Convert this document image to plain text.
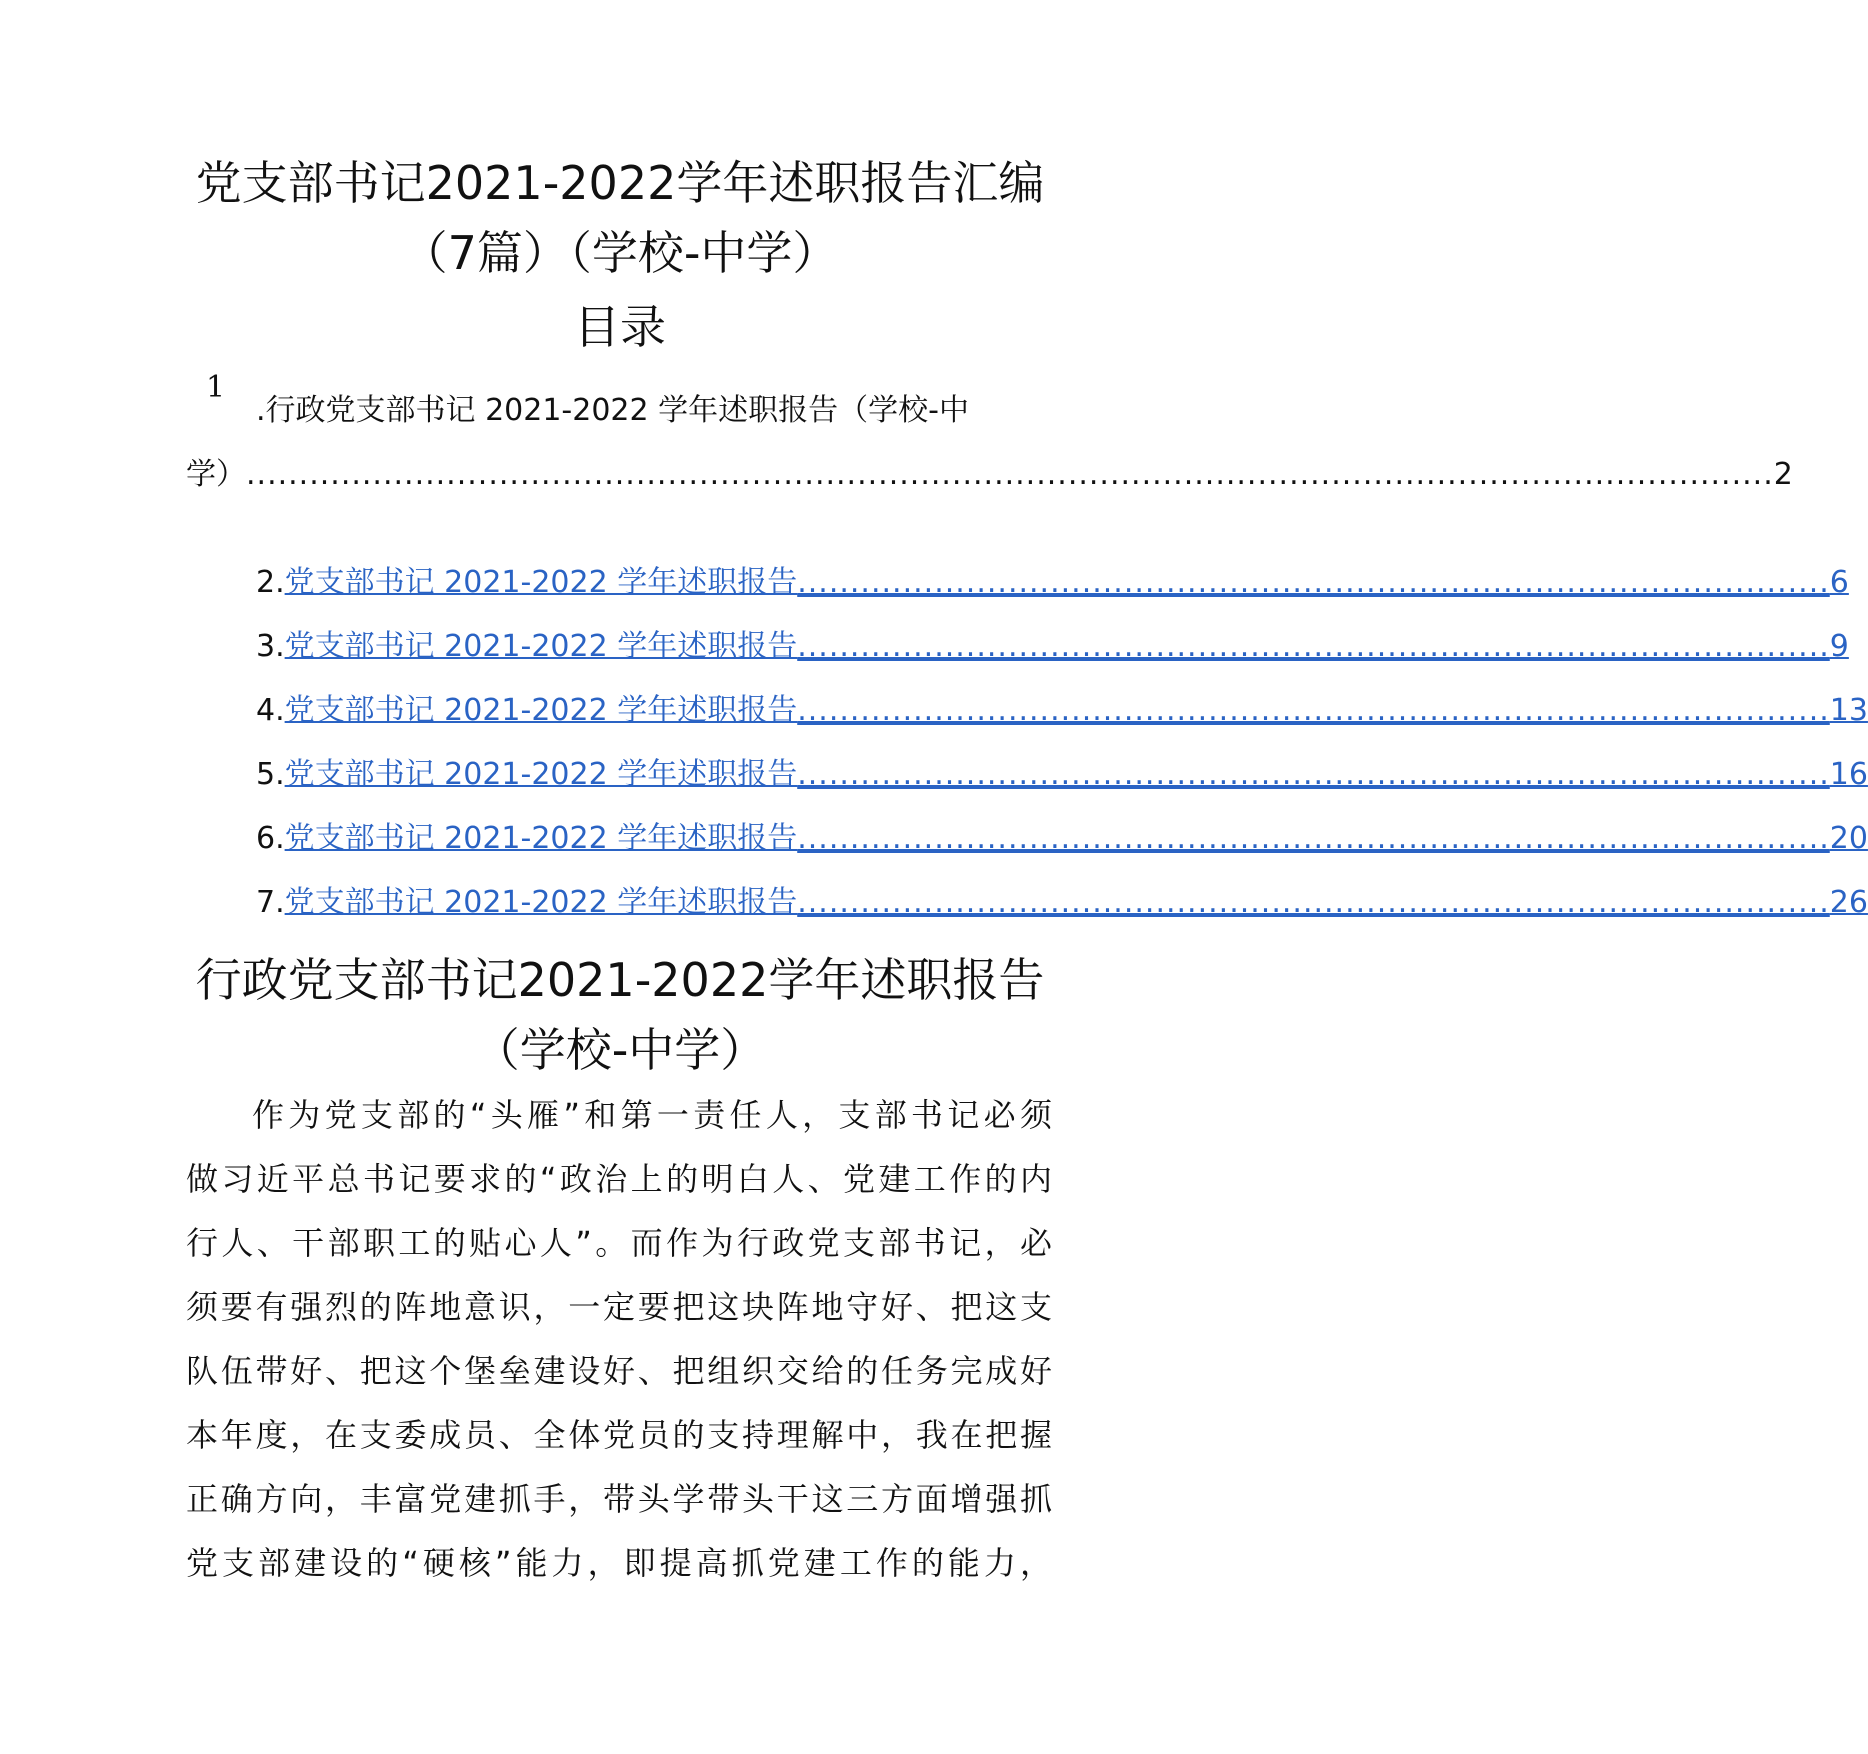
党支部书记2021-2022学年述职报告汇编
（7篇）（学校-中学）
目录
1
.行政党支部书记 2021-2022 学年述职报告（学校-中
学） ................................................................................................................................................. 2
2. 党支部书记 2021-2022 学年述职报告 .................................................................................................. 6
3. 党支部书记 2021-2022 学年述职报告 .................................................................................................. 9
4. 党支部书记 2021-2022 学年述职报告 .................................................................................................. 13
5. 党支部书记 2021-2022 学年述职报告 .................................................................................................. 16
6. 党支部书记 2021-2022 学年述职报告 .................................................................................................. 20
7. 党支部书记 2021-2022 学年述职报告 .................................................................................................. 26
行政党支部书记2021-2022学年述职报告
（学校-中学）
作为党支部的“头雁”和第一责任人，支部书记必须
做习近平总书记要求的“政治上的明白人、党建工作的内
行人、干部职工的贴心人”。而作为行政党支部书记，必
须要有强烈的阵地意识，一定要把这块阵地守好、把这支
队伍带好、把这个堡垒建设好、把组织交给的任务完成好
本年度，在支委成员、全体党员的支持理解中，我在把握
正确方向，丰富党建抓手，带头学带头干这三方面增强抓
党支部建设的“硬核”能力，即提高抓党建工作的能力，
